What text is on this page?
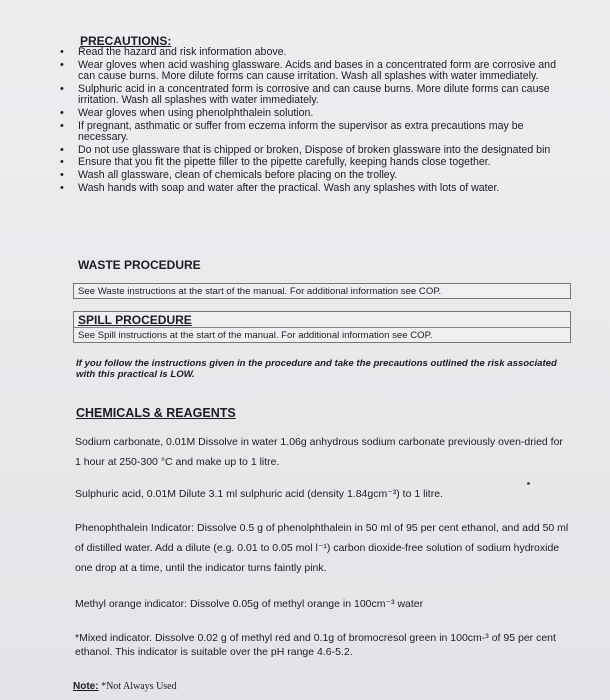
PRECAUTIONS:
• Read the hazard and risk information above.
• Wear gloves when acid washing glassware. Acids and bases in a concentrated form are corrosive and can cause burns. More dilute forms can cause irritation. Wash all splashes with water immediately.
• Sulphuric acid in a concentrated form is corrosive and can cause burns. More dilute forms can cause irritation. Wash all splashes with water immediately.
• Wear gloves when using phenolphthalein solution.
• If pregnant, asthmatic or suffer from eczema inform the supervisor as extra precautions may be necessary.
• Do not use glassware that is chipped or broken, Dispose of broken glassware into the designated bin
• Ensure that you fit the pipette filler to the pipette carefully, keeping hands close together.
• Wash all glassware, clean of chemicals before placing on the trolley.
• Wash hands with soap and water after the practical. Wash any splashes with lots of water.
WASTE PROCEDURE
See Waste instructions at the start of the manual. For additional information see COP.
SPILL PROCEDURE
See Spill instructions at the start of the manual. For additional information see COP.
If you follow the instructions given in the procedure and take the precautions outlined the risk associated with this practical is LOW.
CHEMICALS & REAGENTS
Sodium carbonate, 0.01M Dissolve in water 1.06g anhydrous sodium carbonate previously oven-dried for 1 hour at 250-300 °C and make up to 1 litre.
Sulphuric acid, 0.01M Dilute 3.1 ml sulphuric acid (density 1.84gcm⁻³) to 1 litre.
Phenophthalein Indicator: Dissolve 0.5 g of phenolphthalein in 50 ml of 95 per cent ethanol, and add 50 ml of distilled water. Add a dilute (e.g. 0.01 to 0.05 mol l⁻¹) carbon dioxide-free solution of sodium hydroxide one drop at a time, until the indicator turns faintly pink.
Methyl orange indicator: Dissolve 0.05g of methyl orange in 100cm⁻³ water
*Mixed indicator. Dissolve 0.02 g of methyl red and 0.1g of bromocresol green in 100cm-³ of 95 per cent ethanol. This indicator is suitable over the pH range 4.6-5.2.
Note: *Not Always Used
